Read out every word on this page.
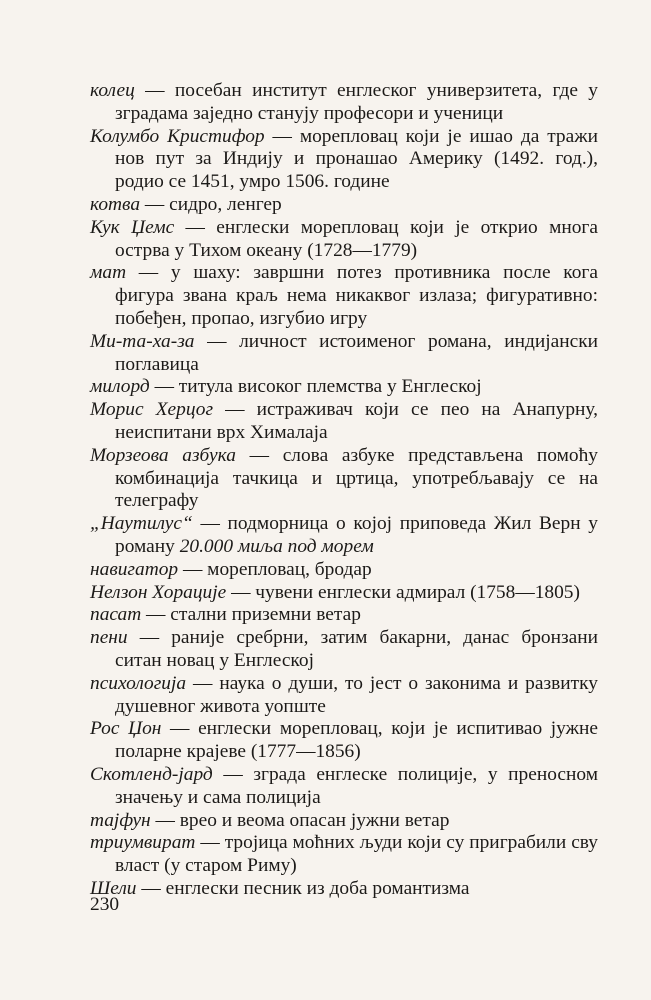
колец — посебан институт енглеског универзитета, где у зградама заједно станују професори и ученици
Колумбо Кристифор — морепловац који је ишао да тражи нов пут за Индију и пронашао Америку (1492. год.), родио се 1451, умро 1506. године
котва — сидро, ленгер
Кук Џемс — енглески морепловац који је открио многа острва у Тихом океану (1728—1779)
мат — у шаху: завршни потез противника после кога фигура звана краљ нема никаквог излаза; фигуративно: побеђен, пропао, изгубио игру
Ми-та-ха-за — личност истоименог романа, индијански поглавица
милорд — титула високог племства у Енглеској
Морис Херцог — истраживач који се пео на Анапурну, неиспитани врх Хималаја
Морзеова азбука — слова азбуке представљена помоћу комбинација тачкица и цртица, употребљавају се на телеграфу
„Наутилус“ — подморница о којој приповеда Жил Верн у роману 20.000 миља под морем
навигатор — морепловац, бродар
Нелзон Хорације — чувени енглески адмирал (1758—1805)
пасат — стални приземни ветар
пени — раније сребрни, затим бакарни, данас бронзани ситан новац у Енглеској
психологија — наука о души, то јест о законима и развитку душевног живота уопште
Рос Џон — енглески морепловац, који је испитивао јужне поларне крајеве (1777—1856)
Скотленд-јард — зграда енглеске полиције, у преносном значењу и сама полиција
тајфун — врео и веома опасан јужни ветар
триумвират — тројица моћних људи који су приграбили сву власт (у старом Риму)
Шели — енглески песник из доба романтизма
230
